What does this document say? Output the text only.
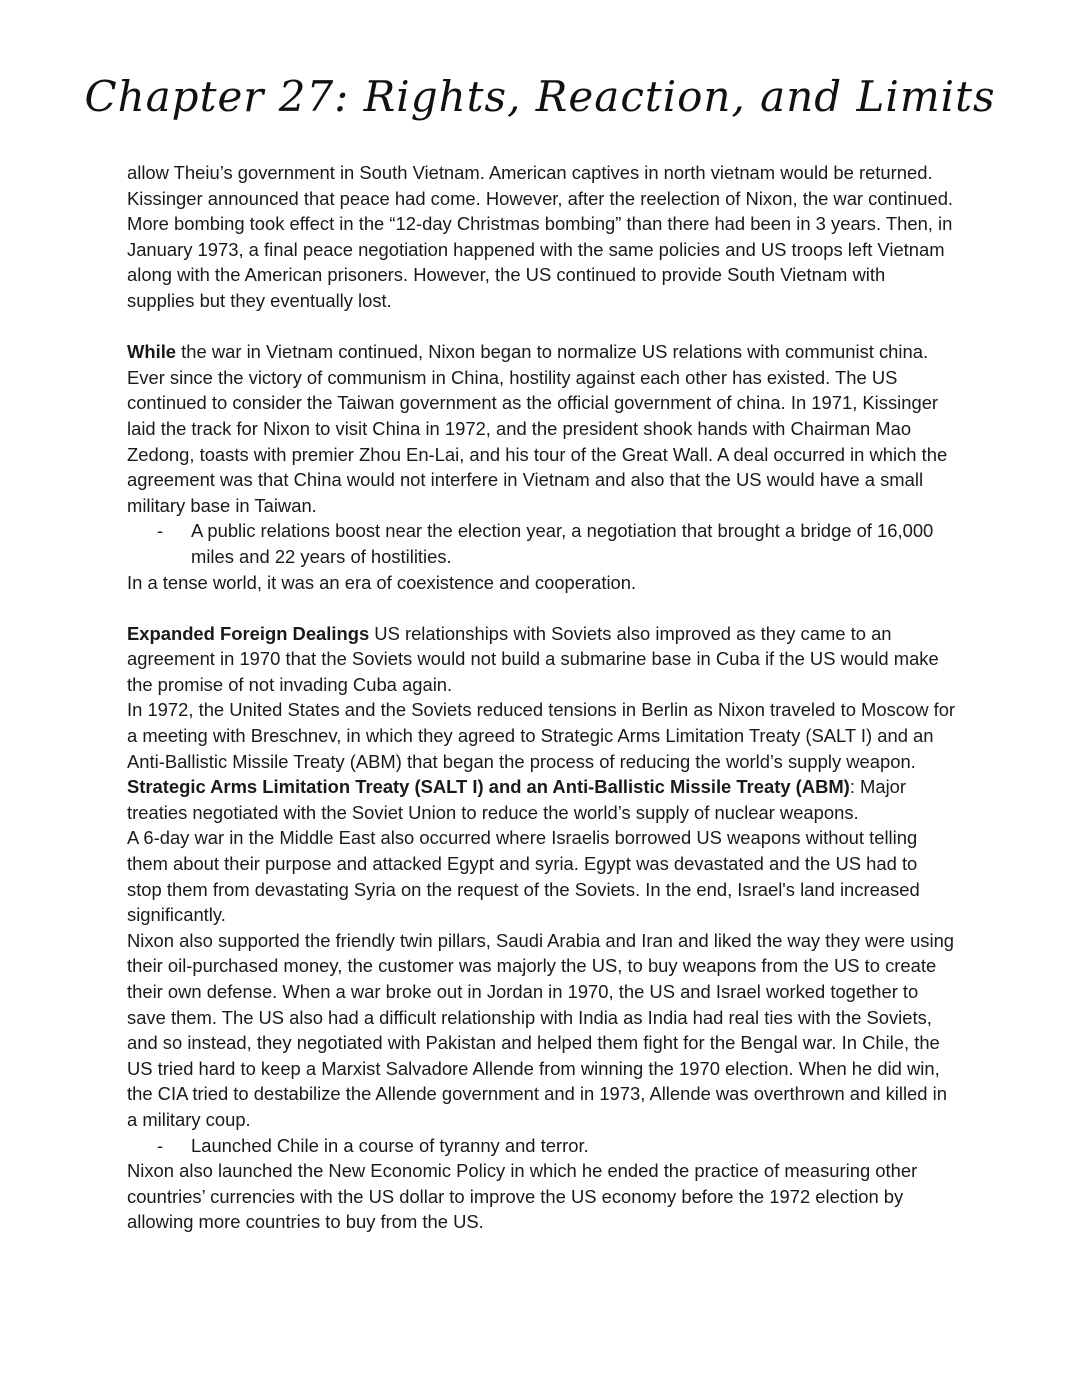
Chapter 27: Rights, Reaction, and Limits

allow Theiu’s government in South Vietnam. American captives in north vietnam would be returned. Kissinger announced that peace had come. However, after the reelection of Nixon, the war continued. More bombing took effect in the “12-day Christmas bombing” than there had been in 3 years. Then, in January 1973, a final peace negotiation happened with the same policies and US troops left Vietnam along with the American prisoners. However, the US continued to provide South Vietnam with supplies but they eventually lost.

While the war in Vietnam continued, Nixon began to normalize US relations with communist china. Ever since the victory of communism in China, hostility against each other has existed. The US continued to consider the Taiwan government as the official government of china. In 1971, Kissinger laid the track for Nixon to visit China in 1972, and the president shook hands with Chairman Mao Zedong, toasts with premier Zhou En-Lai, and his tour of the Great Wall. A deal occurred in which the agreement was that China would not interfere in Vietnam and also that the US would have a small military base in Taiwan.

- A public relations boost near the election year, a negotiation that brought a bridge of 16,000 miles and 22 years of hostilities.

In a tense world, it was an era of coexistence and cooperation.

Expanded Foreign Dealings US relationships with Soviets also improved as they came to an agreement in 1970 that the Soviets would not build a submarine base in Cuba if the US would make the promise of not invading Cuba again.

In 1972, the United States and the Soviets reduced tensions in Berlin as Nixon traveled to Moscow for a meeting with Breschnev, in which they agreed to Strategic Arms Limitation Treaty (SALT I) and an Anti-Ballistic Missile Treaty (ABM) that began the process of reducing the world’s supply weapon.

Strategic Arms Limitation Treaty (SALT I) and an Anti-Ballistic Missile Treaty (ABM): Major treaties negotiated with the Soviet Union to reduce the world’s supply of nuclear weapons.

A 6-day war in the Middle East also occurred where Israelis borrowed US weapons without telling them about their purpose and attacked Egypt and syria. Egypt was devastated and the US had to stop them from devastating Syria on the request of the Soviets. In the end, Israel's land increased significantly.

Nixon also supported the friendly twin pillars, Saudi Arabia and Iran and liked the way they were using their oil-purchased money, the customer was majorly the US, to buy weapons from the US to create their own defense. When a war broke out in Jordan in 1970, the US and Israel worked together to save them. The US also had a difficult relationship with India as India had real ties with the Soviets, and so instead, they negotiated with Pakistan and helped them fight for the Bengal war. In Chile, the US tried hard to keep a Marxist Salvadore Allende from winning the 1970 election. When he did win, the CIA tried to destabilize the Allende government and in 1973, Allende was overthrown and killed in a military coup.

- Launched Chile in a course of tyranny and terror.

Nixon also launched the New Economic Policy in which he ended the practice of measuring other countries’ currencies with the US dollar to improve the US economy before the 1972 election by allowing more countries to buy from the US.
